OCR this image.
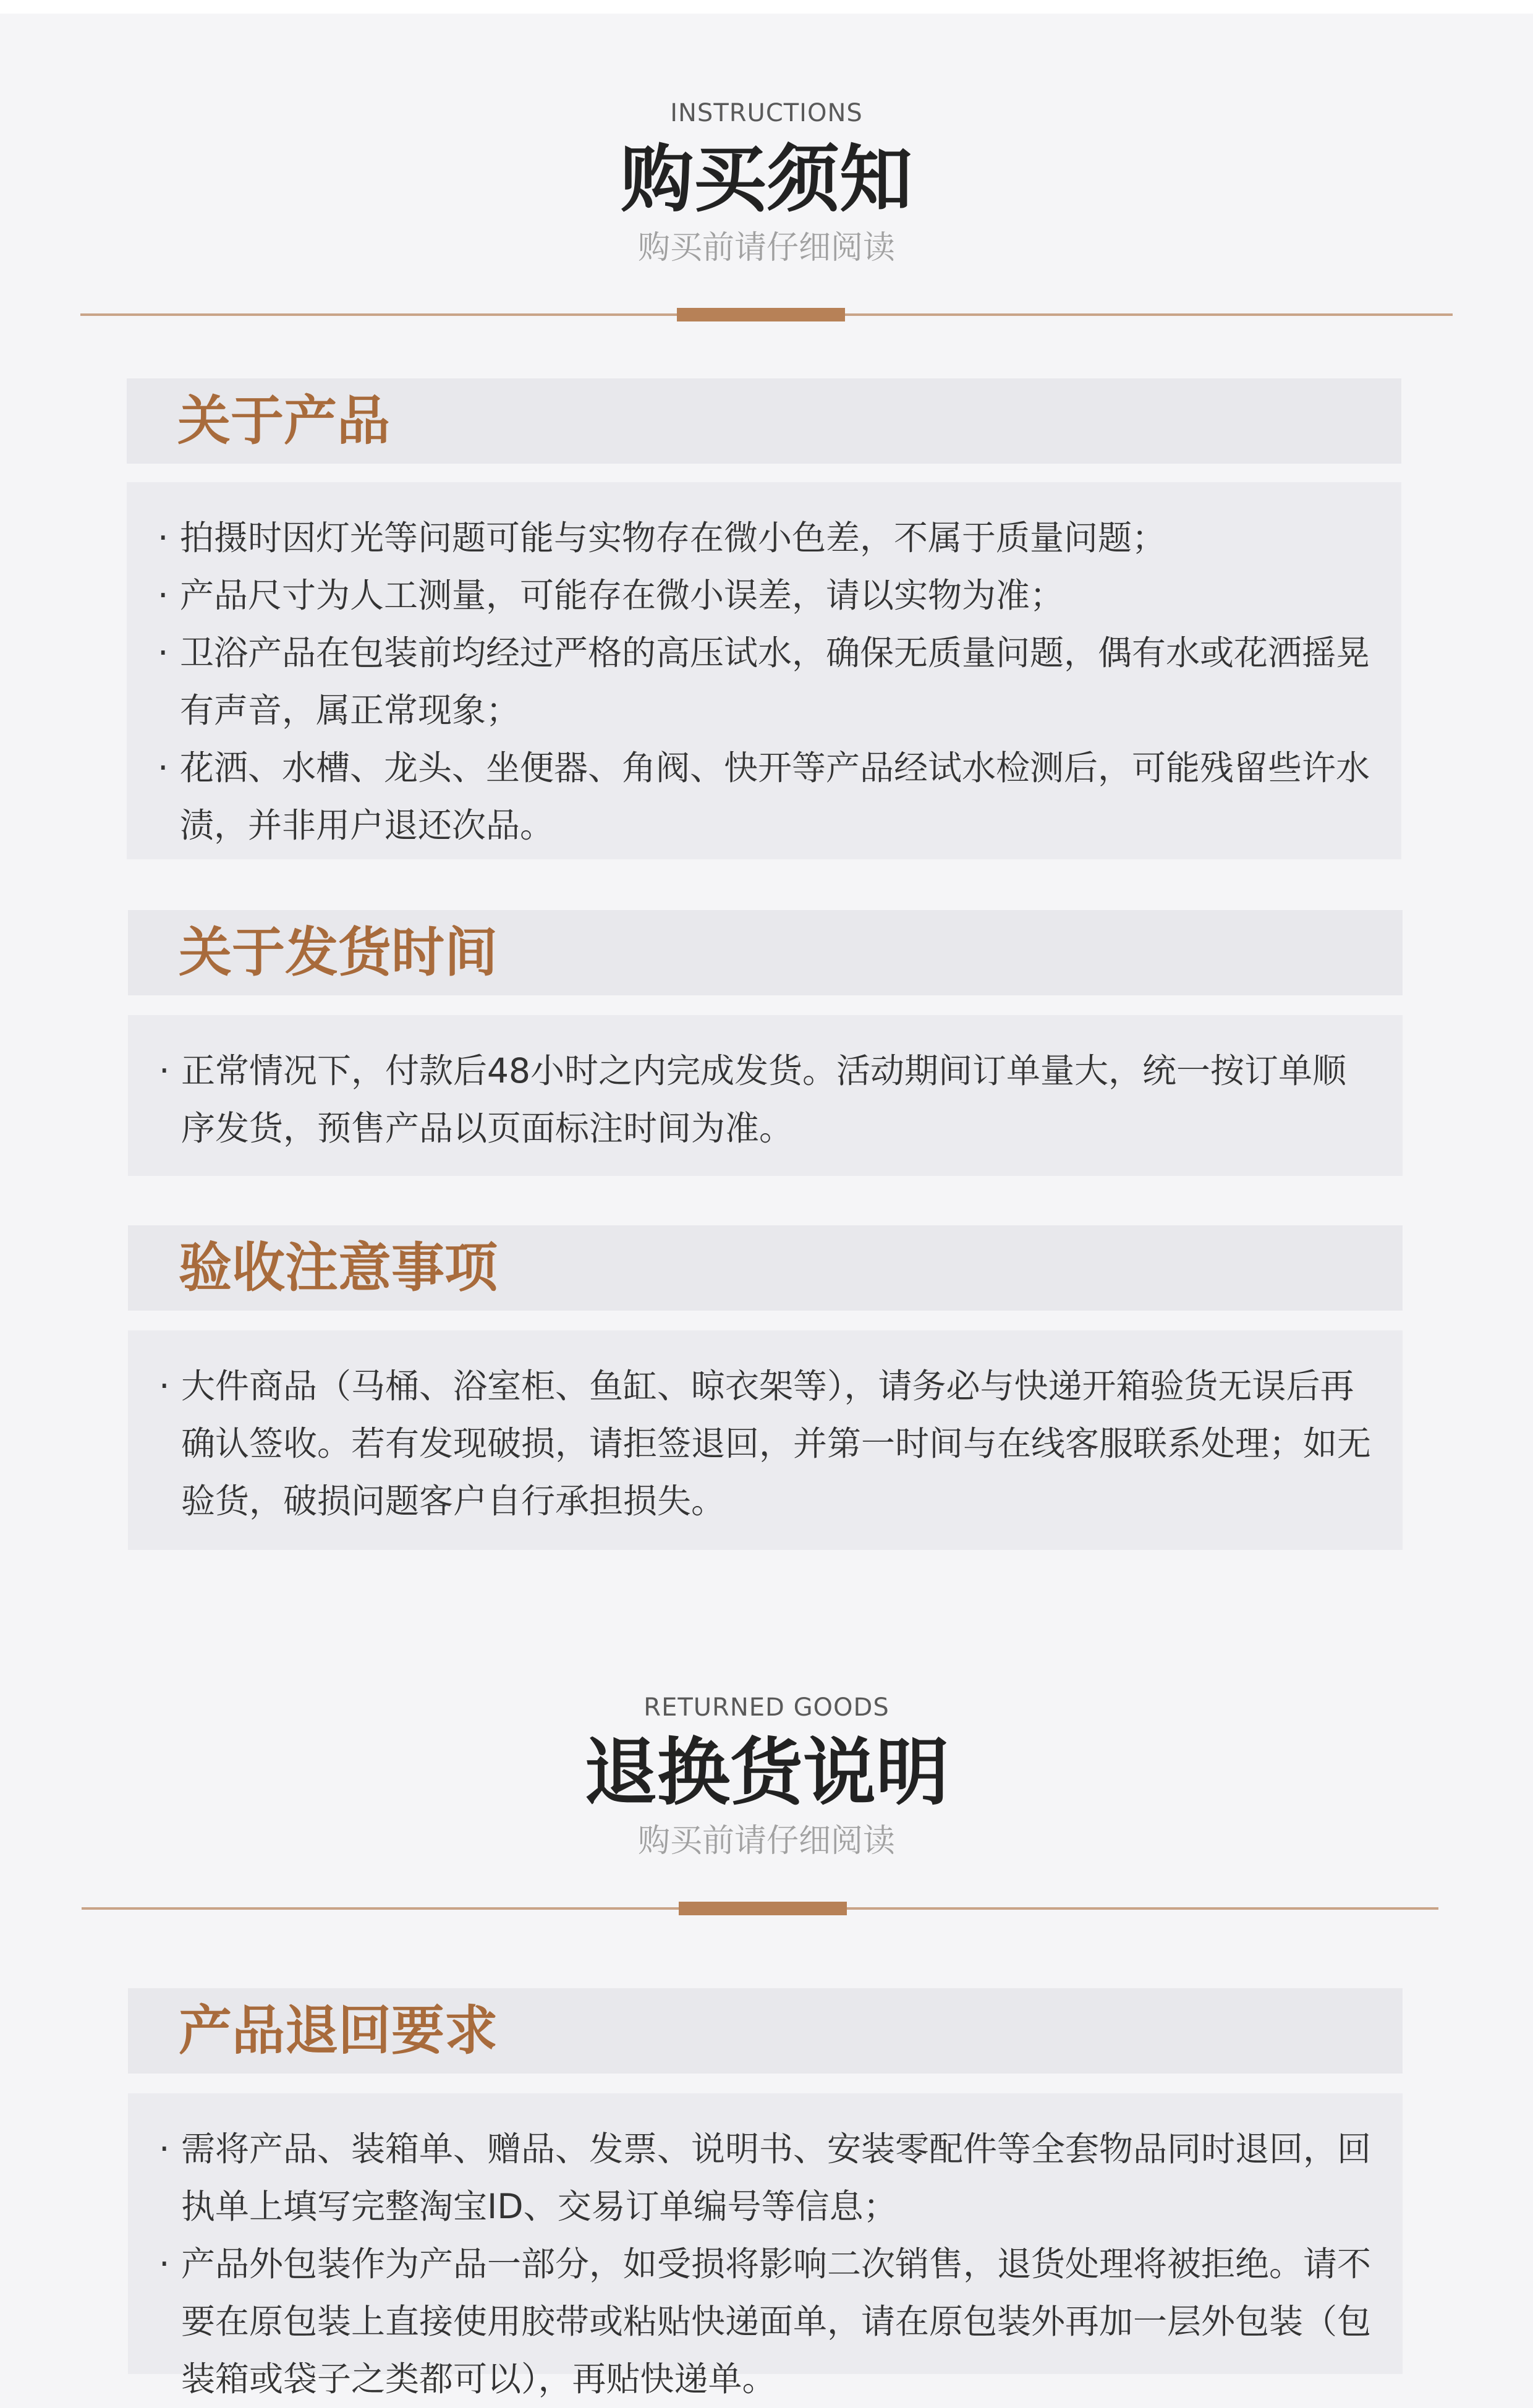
INSTRUCTIONS
购买须知
购买前请仔细阅读
关于产品
· 拍摄时因灯光等问题可能与实物存在微小色差，不属于质量问题；
· 产品尺寸为人工测量，可能存在微小误差，请以实物为准；
· 卫浴产品在包装前均经过严格的高压试水，确保无质量问题，偶有水或花洒摇晃有声音，属正常现象；
· 花洒、水槽、龙头、坐便器、角阀、快开等产品经试水检测后，可能残留些许水渍，并非用户退还次品。
关于发货时间
· 正常情况下，付款后48小时之内完成发货。活动期间订单量大，统一按订单顺序发货，预售产品以页面标注时间为准。
验收注意事项
· 大件商品（马桶、浴室柜、鱼缸、晾衣架等），请务必与快递开箱验货无误后再确认签收。若有发现破损，请拒签退回，并第一时间与在线客服联系处理；如无验货，破损问题客户自行承担损失。
RETURNED GOODS
退换货说明
购买前请仔细阅读
产品退回要求
· 需将产品、装箱单、赠品、发票、说明书、安装零配件等全套物品同时退回，回执单上填写完整淘宝ID、交易订单编号等信息；
· 产品外包装作为产品一部分，如受损将影响二次销售，退货处理将被拒绝。请不要在原包装上直接使用胶带或粘贴快递面单，请在原包装外再加一层外包装（包装箱或袋子之类都可以），再贴快递单。
